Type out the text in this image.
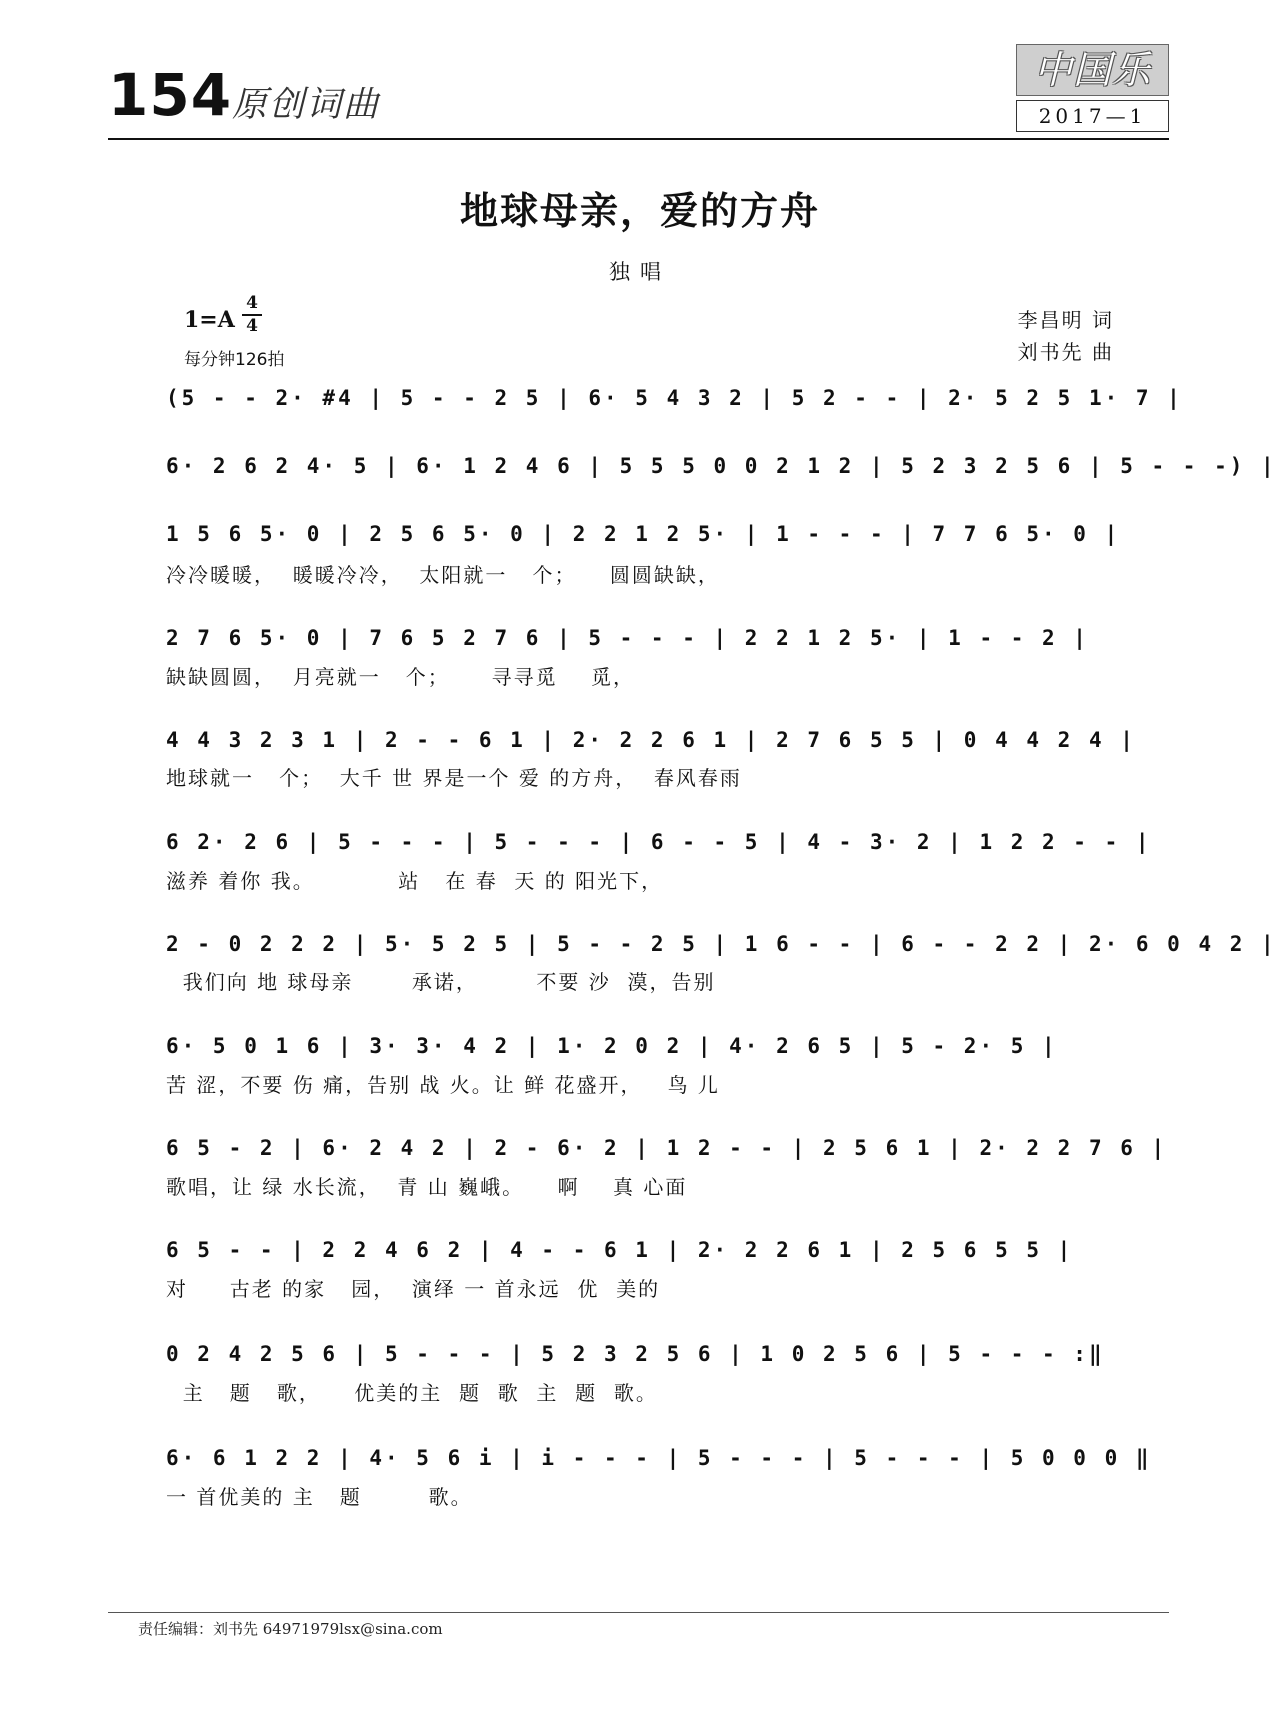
154 原创词曲
中国乐
2017—1
地球母亲，爱的方舟
独唱
$1=A \frac{4}{4}$
每分钟126拍
李昌明 词
刘书先 曲
(5 - - 2· #4 | 5 - - 2 5 | 6· 5 4 3 2 | 5 2 - - | 2· 5 2 5 1· 7 |
6· 2 6 2 4· 5 | 6· 1 2 4 6 | 5 5 5 0 0 2 1 2 | 5 2 3 2 5 6 | 5 - - -) |
1 5 6 5· 0 | 2 5 6 5· 0 | 2 2 1 2 5· | 1 - - - | 7 7 6 5· 0 |
冷冷暖暖，  暖暖冷冷，  太阳就一   个；    圆圆缺缺，
2 7 6 5· 0 | 7 6 5 2 7 6 | 5 - - - | 2 2 1 2 5· | 1 - - 2 |
缺缺圆圆，  月亮就一   个；     寻寻觅    觅，
4 4 3 2 3 1 | 2 - - 6 1 | 2· 2 2 6 1 | 2 7 6 5 5 | 0 4 4 2 4 |
地球就一   个；  大千 世 界是一个 爱 的方舟，  春风春雨
6 2· 2 6 | 5 - - - | 5 - - - | 6 - - 5 | 4 - 3· 2 | 1 2 2 - - |
滋养 着你 我。          站   在 春  天 的 阳光下，
2 - 0 2 2 2 | 5· 5 2 5 | 5 - - 2 5 | 1 6 - - | 6 - - 2 2 | 2· 6 0 4 2 |
我们向 地 球母亲       承诺，       不要 沙  漠，告别
6· 5 0 1 6 | 3· 3· 4 2 | 1· 2 0 2 | 4· 2 6 5 | 5 - 2· 5 |
苦 涩，不要 伤 痛，告别 战 火。让 鲜 花盛开，   鸟 儿
6 5 - 2 | 6· 2 4 2 | 2 - 6· 2 | 1 2 - - | 2 5 6 1 | 2· 2 2 7 6 |
歌唱，让 绿 水长流，  青 山 巍峨。    啊    真 心面
6 5 - - | 2 2 4 6 2 | 4 - - 6 1 | 2· 2 2 6 1 | 2 5 6 5 5 |
对     古老 的家   园，  演绎 一 首永远  优  美的
0 2 4 2 5 6 | 5 - - - | 5 2 3 2 5 6 | 1 0 2 5 6 | 5 - - - :‖
主   题   歌，    优美的主  题  歌  主  题  歌。
6· 6 1 2 2 | 4· 5 6 i | i - - - | 5 - - - | 5 - - - | 5 0 0 0 ‖
一 首优美的 主   题        歌。
责任编辑：刘书先 64971979lsx@sina.com
